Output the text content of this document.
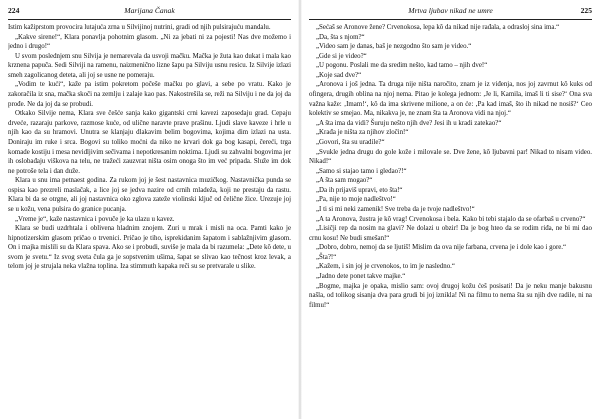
224	Marijana Čanak

Istim kažiprstom provocira lutajuća zrna u Silvijinoj nutrini, gradi od njih pulsirajuću mandalu.

„Kakve sirene!“, Klara ponavlja pohotnim glasom. „Ni za jebati ni za pojesti! Nas dve možemo i jedno i drugo!“

U svom poslednjem snu Silvija je nemarevala da usvoji mačku. Mačka je žuta kao dukat i mala kao krznena papuča. Sedi Silviji na ramenu, naizmenično lizne šapu pa Silviju usnu resicu. Iz Silvije izlazi smeh zagolicanog deteta, ali joj se usne ne pomeraju.

„Vodim te kući“, kaže pa istim pokretom počeše mačku po glavi, a sebe po vratu. Kako je zakoračila iz sna, mačka skoči na zemlju i zalaje kao pas. Nakostrešila se, reži na Silviju i ne da joj da prođe. Ne da joj da se probudi.

Otkako Silvije nema, Klara sve češće sanja kako gigantski crni kavezi zaposedaju grad. Cepaju drveće, razaraju parkove, razmose kuće, od ulične naravte prave prašinu. Ljudi slave kaveze i hrle u njih kao da su hramovi. Unutra se klanjaju dlakavim belim bogovima, kojima dim izlazi na usta. Doniraju im ruke i srca. Bogovi su toliko moćni da niko ne krvari dok ga bog kasapi, čereći, trga komade kostiju i mesa nevidljivim sečivama i nepotkresanim noktima. Ljudi su zahvalni bogovima jer ih oslobađaju viškova na telu, ne tražeći zauzvrat ništa osim onoga što im već pripada. Služe im dok ne potroše tela i dan duže.

Klara u snu ima petnaest godina. Za rukom joj je šest nastavnica muzičkog. Nastavnička punda se ospisa kao prezreli maslačak, a lice joj se jedva nazire od crnih mladeža, koji ne prestaju da rastu. Klara bi da se otrgne, ali joj nastavnica oko zglova zateže violinski ključ od čelične žice. Urezuje joj se u kožu, vena pulsira do granice pucanja.

„Vreme je“, kaže nastavnica i povuče je ka ulazu u kavez.

Klara se budi uzdrhtala i oblivena hladnim znojem. Zuri u mrak i misli na oca. Pamti kako je hipnotizerskim glasom pričao o trvenici. Pričao je tiho, isprekidanim šapatom i sablažnjivim glasom. On i majka mislili su da Klara spava. Ako se i probudi, suviše je mala da bi razumela: „Dete kô dete, u svom je svetu.“ Iz svog sveta čula ga je sopstvenim ušima, šapat se slivao kao tečnost kroz levak, a telom joj je strujala neka vlažna toplina. Iza stimmuth kapaka reči su se pretvarale u slike.

Mrtva ljubav nikad ne umre	225

„Sećaš se Aronove žene? Crvenokosa, lepa kô da nikad nije rađala, a odrasloj sina ima.“

„Da, šta s njom?“

„Video sam je danas, baš je nezgodno što sam je video.“

„Gde si je video?“

„U pogonu. Poslali me da sredim nešto, kad tamo – njih dve!“

„Koje sad dve?“

„Aronova i još jedna. Ta druga nije ništa naročito, znam je iz viđenja, nos joj zavrnut kô kuks od ofingera, drugih oblina na njoj nema. Pitao je kolega jednom: ‚Je li, Kamila, imaš li ti sise?‘ Ona sva važna kaže: ‚Imam!‘, kô da ima skrivene milione, a on će: ‚Pa kad imaš, što ih nikad ne nosiš?‘ Ceo kolektiv se smejao. Ma, nikakva je, ne znam šta ta Aronova vidi na njoj.“

„A šta ima da vidi? Šuruju nešto njih dve? Jesi ih u kradi zatekao?“

„Krađa je ništa za njihov zločin!“

„Govori, šta su uradile?“

„Svukle jedna drugu do gole kože i milovale se. Dve žene, kô ljubavni par! Nikad to nisam video. Nikad!“

„Samo si stajao tamo i gledao?!“

„A šta sam mogao?“

„Da ih prijaviš upravi, eto šta!“

„Pa, nije to moje nadleštvo!“

„I ti si mi neki zamenik! Sve treba da je tvoje nadleštvo!“

„A ta Aronova, žustra je kô vrag! Crvenokosa i bela. Kako bi tebi stajalo da se ofarbaš u crveno?“

„Lisičji rep da nosim na glavi? Ne dolazi u obzir! Da je bog hteo da se rodim riđa, ne bi mi dao crnu kosu! Ne budi smešan!“

„Dobro, dobro, nemoj da se ljutiš! Mislim da ova nije farbana, crvena je i dole kao i gore.“

„Šta?!“

„Kažem, i sin joj je crvenokos, to im je nasledno.“

„Jadno dete ponet takve majke.“

„Bogme, majka je opaka, mislio sam: ovoj drugoj kožu ćeš posisati! Da je neku manje bakusnu našla, od tolikog sisanja dva para grudi bi joj iznikla! Ni na filmu to nema šta su njih dve radile, ni na filmu!“
